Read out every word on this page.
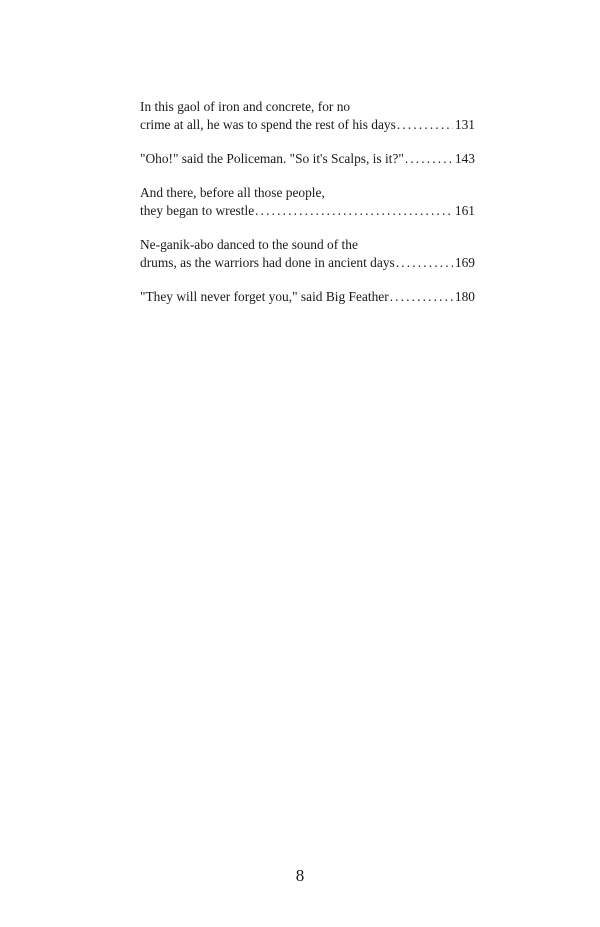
In this gaol of iron and concrete, for no
crime at all, he was to spend the rest of his days . . .	131
"Oho!" said the Policeman. "So it's Scalps, is it?" . . .	143
And there, before all those people,
they began to wrestle . . .	161
Ne-ganik-abo danced to the sound of the
drums, as the warriors had done in ancient days . . .	169
"They will never forget you," said Big Feather . . .	180
8
